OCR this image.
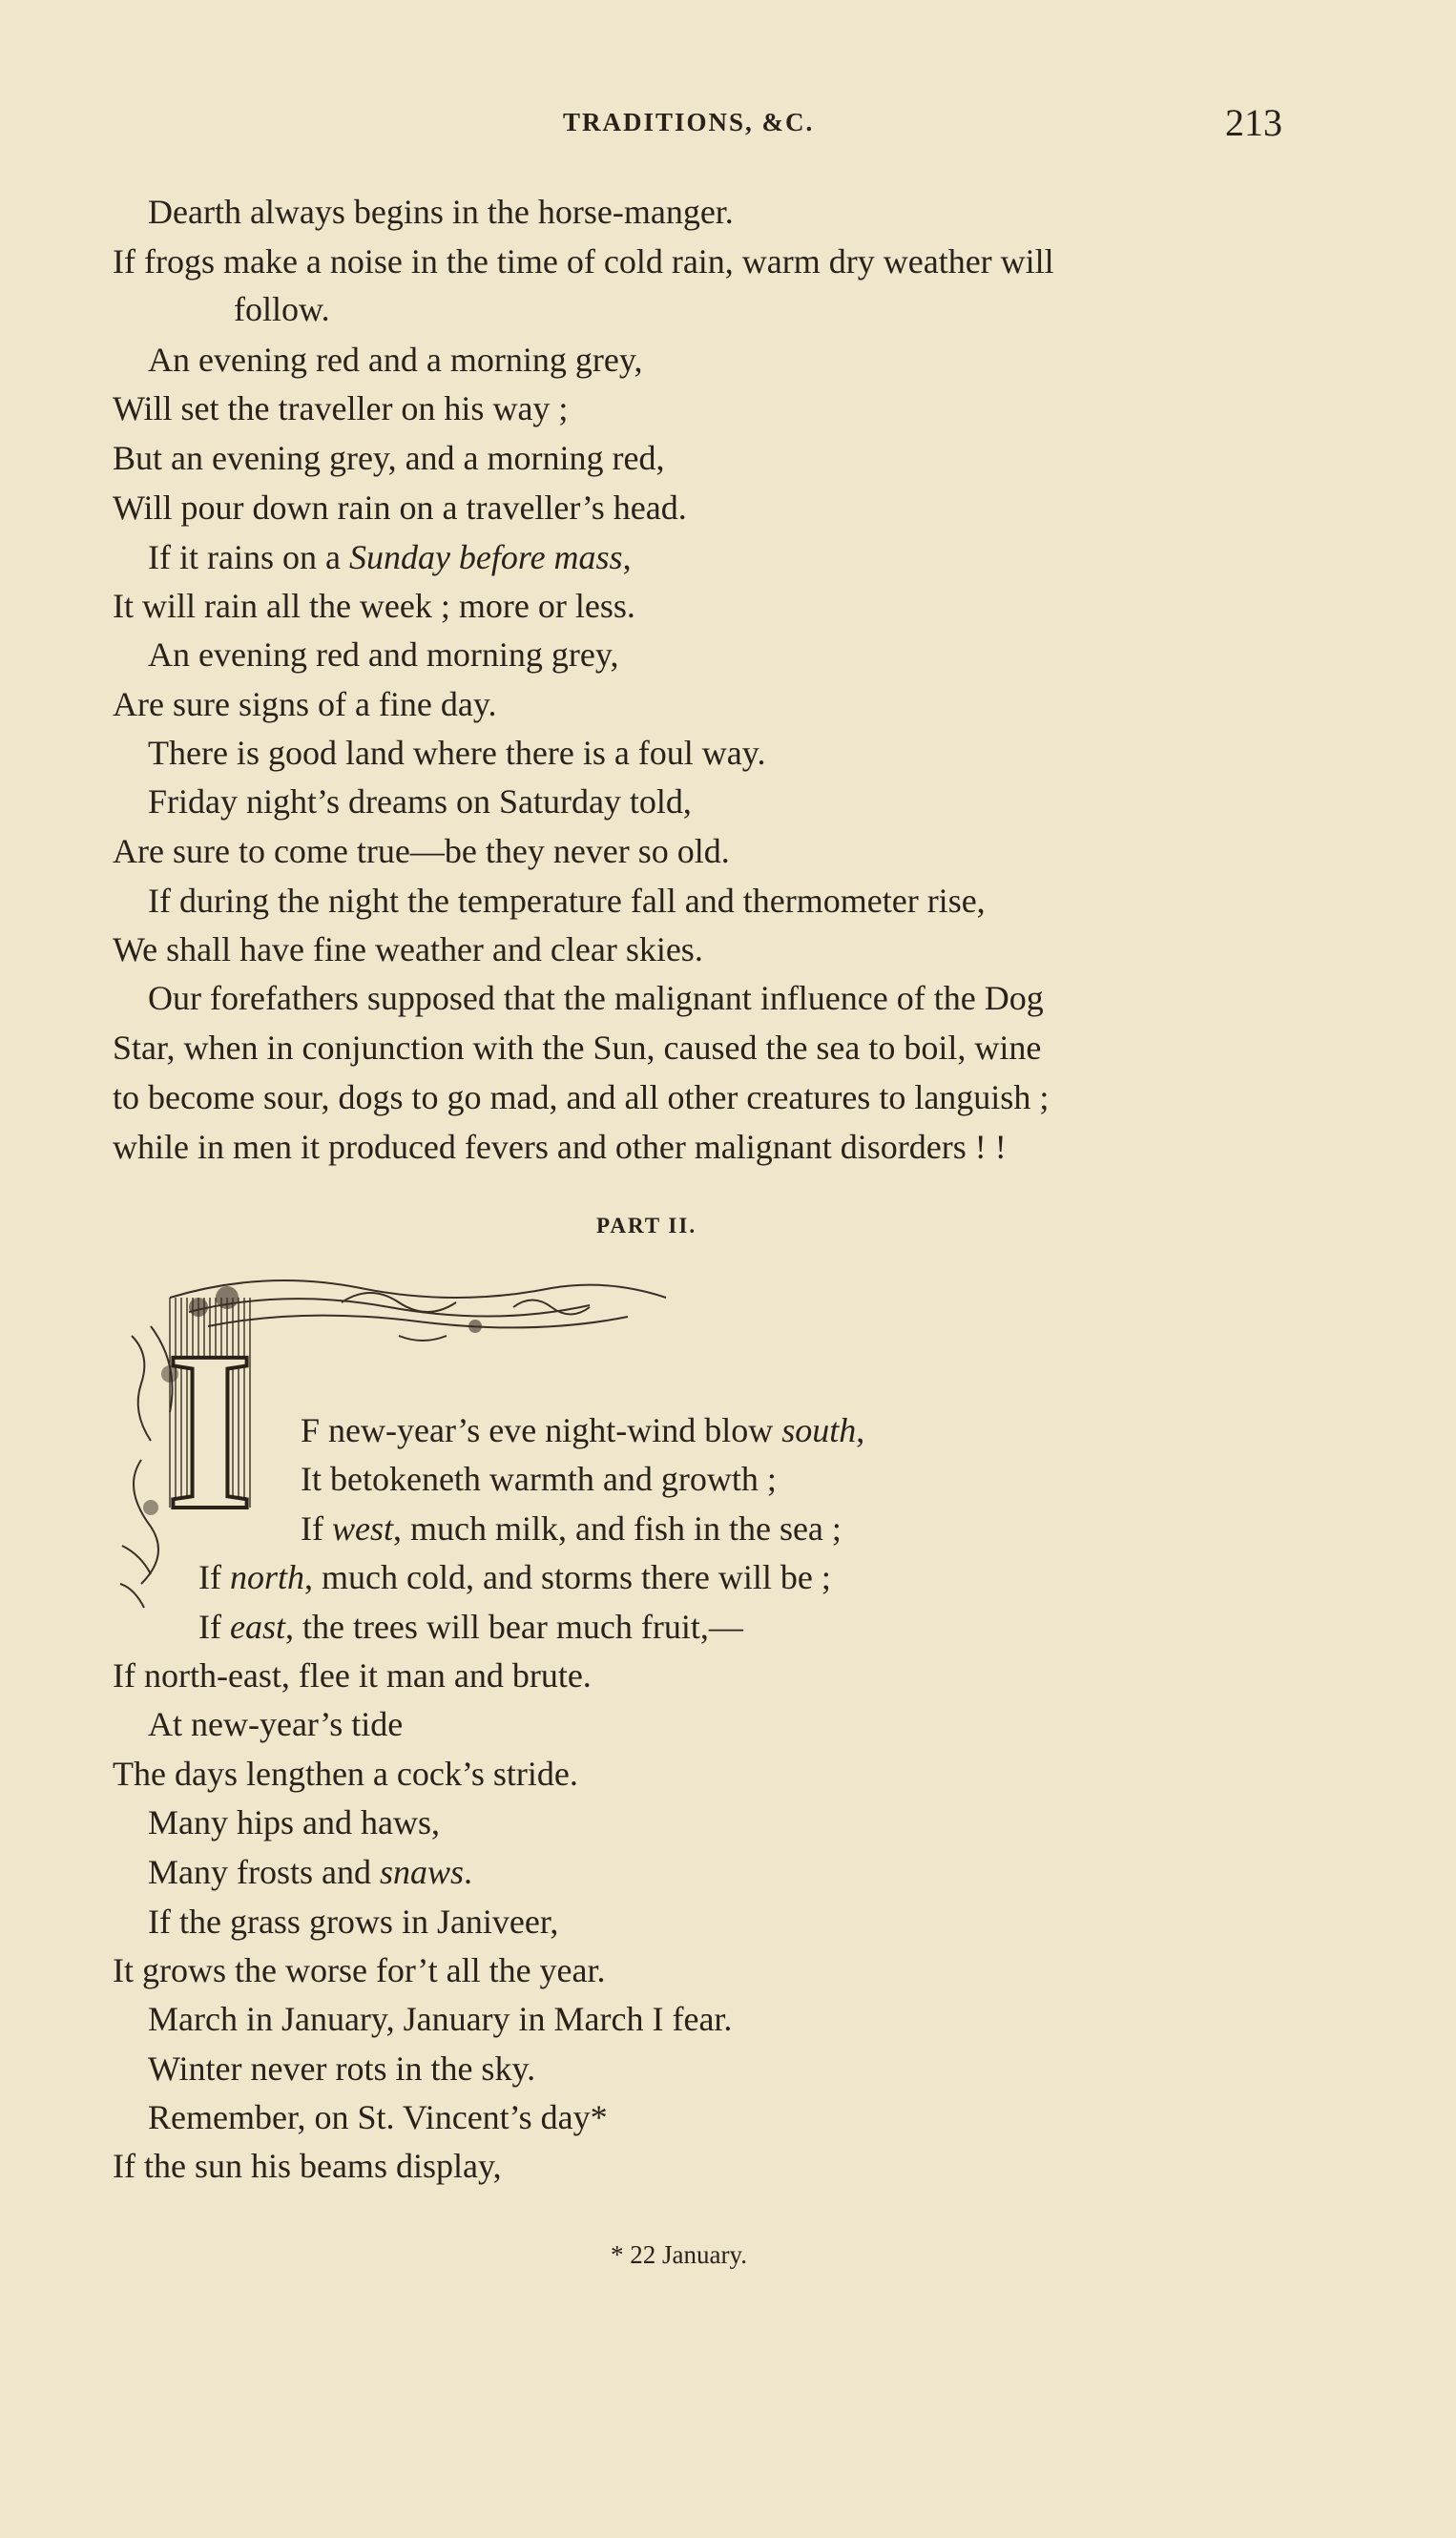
TRADITIONS, &C.	213
Dearth always begins in the horse-manger.
If frogs make a noise in the time of cold rain, warm dry weather will
follow.
An evening red and a morning grey,
Will set the traveller on his way ;
But an evening grey, and a morning red,
Will pour down rain on a traveller’s head.
If it rains on a Sunday before mass,
It will rain all the week ; more or less.
An evening red and morning grey,
Are sure signs of a fine day.
There is good land where there is a foul way.
Friday night’s dreams on Saturday told,
Are sure to come true—be they never so old.
If during the night the temperature fall and thermometer rise,
We shall have fine weather and clear skies.
Our forefathers supposed that the malignant influence of the Dog
Star, when in conjunction with the Sun, caused the sea to boil, wine
to become sour, dogs to go mad, and all other creatures to languish ;
while in men it produced fevers and other malignant disorders ! !
PART II.
I F new-year’s eve night-wind blow south,
It betokeneth warmth and growth ;
If west, much milk, and fish in the sea ;
If north, much cold, and storms there will be ;
If east, the trees will bear much fruit,—
If north-east, flee it man and brute.
At new-year’s tide
The days lengthen a cock’s stride.
Many hips and haws,
Many frosts and snaws.
If the grass grows in Janiveer,
It grows the worse for’t all the year.
March in January, January in March I fear.
Winter never rots in the sky.
Remember, on St. Vincent’s day*
If the sun his beams display,
* 22 January.
